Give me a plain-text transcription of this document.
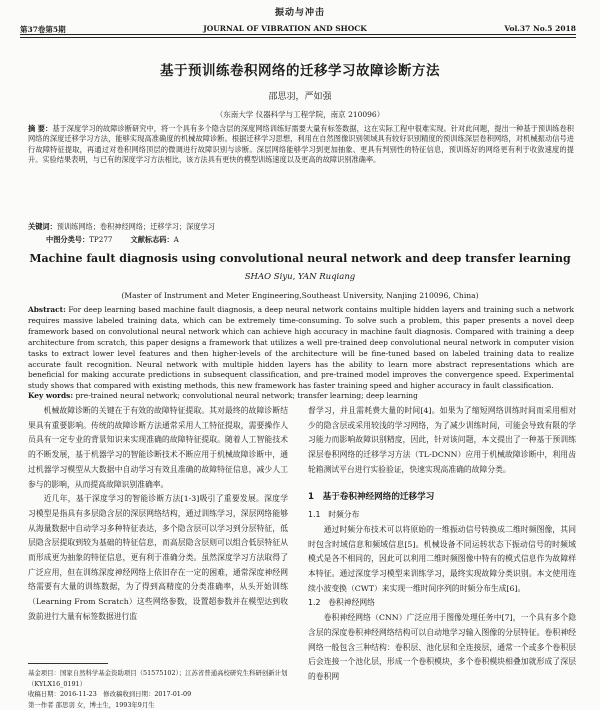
振动与冲击
第37卷第5期	JOURNAL OF VIBRATION AND SHOCK	Vol.37 No.5 2018
基于预训练卷积网络的迁移学习故障诊断方法
邵思羽，严如强
（东南大学 仪器科学与工程学院，南京 210096）
摘 要：基于深度学习的故障诊断研究中，将一个具有多个隐含层的深度网络训练好需要大量有标签数据，这在实际工程中很难实现。针对此问题，提出一种基于预训练卷积网络的深度迁移学习方法，能够实现高准确度的机械故障诊断。根据迁移学习思想，利用在自然图像识别领域具有较好识别精度的预训练深层卷积网络，对机械振动信号进行故障特征提取，再通过对卷积网络顶层的微调进行故障识别与诊断。深层网络能够学习到更加抽象、更具有判别性的特征信息，预训练好的网络更有利于收敛速度的提升。实验结果表明，与已有的深度学习方法相比，该方法具有更快的模型训练速度以及更高的故障识别准确率。
关键词：预训练网络；卷积神经网络；迁移学习；深度学习
中图分类号：TP277	文献标志码：A
Machine fault diagnosis using convolutional neural network and deep transfer learning
SHAO Siyu, YAN Ruqiang
(Master of Instrument and Meter Engineering,Southeast University, Nanjing 210096, China)
Abstract: For deep learning based machine fault diagnosis, a deep neural network contains multiple hidden layers and training such a network requires massive labeled training data, which can be extremely time-consuming. To solve such a problem, this paper presents a novel deep framework based on convolutional neural network which can achieve high accuracy in machine fault diagnosis. Compared with training a deep architecture from scratch, this paper designs a framework that utilizes a well pre-trained deep convolutional neural network in computer vision tasks to extract lower level features and then higher-levels of the architecture will be fine-tuned based on labeled training data to realize accurate fault recognition. Neural network with multiple hidden layers has the ability to learn more abstract representations which are beneficial for making accurate predictions in subsequent classification, and pre-trained model improves the convergence speed. Experimental study shows that compared with existing methods, this new framework has faster training speed and higher accuracy in fault classification.
Key words: pre-trained neural network; convolutional neural network; transfer learning; deep learning

机械故障诊断的关键在于有效的故障特征提取。其对最终的故障诊断结果具有重要影响。传统的故障诊断方法通常采用人工特征提取，需要操作人员具有一定专业的背景知识来实现准确的故障特征提取。随着人工智能技术的不断发展，基于机器学习的智能诊断技术不断应用于机械故障诊断中，通过机器学习模型从大数据中自动学习有效且准确的故障特征信息，减少人工参与的影响，从而提高故障识别准确率。

近几年，基于深度学习的智能诊断方法[1-3]吸引了重要发展。深度学习模型是指具有多层隐含层的深层网络结构，通过训练学习，深层网络能够从海量数据中自动学习多种特征表达，多个隐含层可以学习到分层特征，低层隐含层提取到较为基础的特征信息，而高层隐含层则可以组合低层特征从而形成更为抽象的特征信息，更有利于准确分类。虽然深度学习方法取得了广泛应用，但在训练深度神经网络上依旧存在一定的困难，通常深度神经网络需要有大量的训练数据，为了得到高精度的分类准确率，从头开始训练（Learning From Scratch）这些网络参数，设置超参数并在模型达到收敛前进行大量有标签数据进行监

督学习，并且需耗费大量的时间[4]。如果为了缩短网络训练时间而采用相对少的隐含层或采用较浅的学习网络，为了减少训练时间，可能会导致有限的学习能力而影响故障识别精度，因此，针对该问题，本文提出了一种基于预训练深层卷积网络的迁移学习方法（TL-DCNN）应用于机械故障诊断中，利用齿轮箱测试平台进行实验验证，快速实现高准确的故障分类。

1　基于卷积神经网络的迁移学习

1.1　时频分布

通过时频分布技术可以将原始的一维振动信号转换成二维时频图像，其同时包含时域信息和频域信息[5]。机械设备不同运转状态下振动信号的时频域模式是各不相同的，因此可以利用二维时频图像中特有的模式信息作为故障样本特征。通过深度学习模型来训练学习，最终实现故障分类识别。本文使用连续小波变换（CWT）来实现一维时间序列的时频分布生成[6]。

1.2　卷积神经网络

卷积神经网络（CNN）广泛应用于图像处理任务中[7]，一个具有多个隐含层的深度卷积神经网络结构可以自动地学习输入图像的分层特征。卷积神经网络一般包含三种结构：卷积层、池化层和全连接层，通常一个或多个卷积层后会连接一个池化层，形成一个卷积模块，多个卷积模块相叠加就形成了深层的卷积网

基金项目：国家自然科学基金资助项目（51575102）；江苏省普通高校研究生科研创新计划（KYLX16_0191）
收稿日期：2016-11-23　修改稿收到日期：2017-01-09
第一作者 邵思羽 女，博士生，1993年9月生
